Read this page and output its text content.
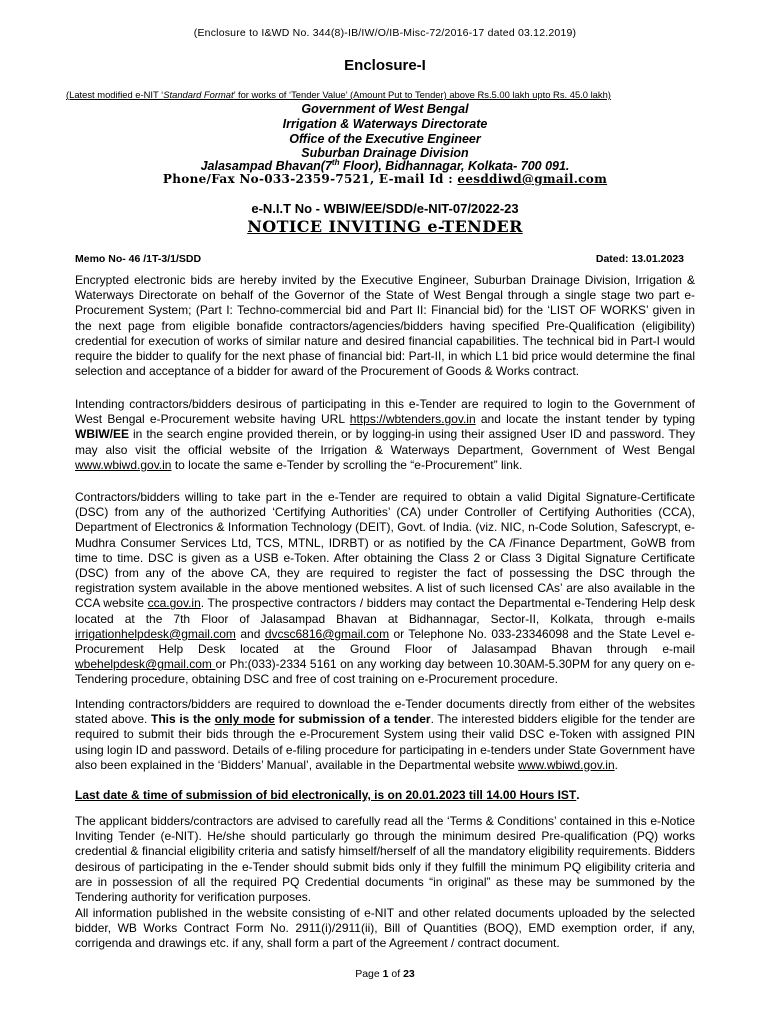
(Enclosure to I&WD No. 344(8)-IB/IW/O/IB-Misc-72/2016-17 dated 03.12.2019)
Enclosure-I
(Latest modified e-NIT ‘Standard Format’ for works of ‘Tender Value’ (Amount Put to Tender) above Rs.5.00 lakh upto Rs. 45.0 lakh)
Government of West Bengal
Irrigation & Waterways Directorate
Office of the Executive Engineer
Suburban Drainage Division
Jalasampad Bhavan(7th Floor), Bidhannagar, Kolkata- 700 091.
Phone/Fax No-033-2359-7521, E-mail Id : eesddiwd@gmail.com
e-N.I.T No - WBIW/EE/SDD/e-NIT-07/2022-23
NOTICE INVITING e-TENDER
Memo No- 46 /1T-3/1/SDD	Dated: 13.01.2023
Encrypted electronic bids are hereby invited by the Executive Engineer, Suburban Drainage Division, Irrigation & Waterways Directorate on behalf of the Governor of the State of West Bengal through a single stage two part e-Procurement System; (Part I: Techno-commercial bid and Part II: Financial bid) for the ‘LIST OF WORKS’ given in the next page from eligible bonafide contractors/agencies/bidders having specified Pre-Qualification (eligibility) credential for execution of works of similar nature and desired financial capabilities. The technical bid in Part-I would require the bidder to qualify for the next phase of financial bid: Part-II, in which L1 bid price would determine the final selection and acceptance of a bidder for award of the Procurement of Goods & Works contract.
Intending contractors/bidders desirous of participating in this e-Tender are required to login to the Government of West Bengal e-Procurement website having URL https://wbtenders.gov.in and locate the instant tender by typing WBIW/EE in the search engine provided therein, or by logging-in using their assigned User ID and password. They may also visit the official website of the Irrigation & Waterways Department, Government of West Bengal www.wbiwd.gov.in to locate the same e-Tender by scrolling the “e-Procurement” link.
Contractors/bidders willing to take part in the e-Tender are required to obtain a valid Digital Signature-Certificate (DSC) from any of the authorized ‘Certifying Authorities’ (CA) under Controller of Certifying Authorities (CCA), Department of Electronics & Information Technology (DEIT), Govt. of India. (viz. NIC, n-Code Solution, Safescrypt, e-Mudhra Consumer Services Ltd, TCS, MTNL, IDRBT) or as notified by the CA /Finance Department, GoWB from time to time. DSC is given as a USB e-Token. After obtaining the Class 2 or Class 3 Digital Signature Certificate (DSC) from any of the above CA, they are required to register the fact of possessing the DSC through the registration system available in the above mentioned websites. A list of such licensed CAs’ are also available in the CCA website cca.gov.in. The prospective contractors / bidders may contact the Departmental e-Tendering Help desk located at the 7th Floor of Jalasampad Bhavan at Bidhannagar, Sector-II, Kolkata, through e-mails irrigationhelpdesk@gmail.com and dvcsc6816@gmail.com or Telephone No. 033-23346098 and the State Level e-Procurement Help Desk located at the Ground Floor of Jalasampad Bhavan through e-mail wbehelpdesk@gmail.com or Ph:(033)-2334 5161 on any working day between 10.30AM-5.30PM for any query on e-Tendering procedure, obtaining DSC and free of cost training on e-Procurement procedure.
Intending contractors/bidders are required to download the e-Tender documents directly from either of the websites stated above. This is the only mode for submission of a tender. The interested bidders eligible for the tender are required to submit their bids through the e-Procurement System using their valid DSC e-Token with assigned PIN using login ID and password. Details of e-filing procedure for participating in e-tenders under State Government have also been explained in the ‘Bidders’ Manual’, available in the Departmental website www.wbiwd.gov.in.
Last date & time of submission of bid electronically, is on 20.01.2023 till 14.00 Hours IST.
The applicant bidders/contractors are advised to carefully read all the ‘Terms & Conditions’ contained in this e-Notice Inviting Tender (e-NIT). He/she should particularly go through the minimum desired Pre-qualification (PQ) works credential & financial eligibility criteria and satisfy himself/herself of all the mandatory eligibility requirements. Bidders desirous of participating in the e-Tender should submit bids only if they fulfill the minimum PQ eligibility criteria and are in possession of all the required PQ Credential documents “in original” as these may be summoned by the Tendering authority for verification purposes.
All information published in the website consisting of e-NIT and other related documents uploaded by the selected bidder, WB Works Contract Form No. 2911(i)/2911(ii), Bill of Quantities (BOQ), EMD exemption order, if any, corrigenda and drawings etc. if any, shall form a part of the Agreement / contract document.
Page 1 of 23
